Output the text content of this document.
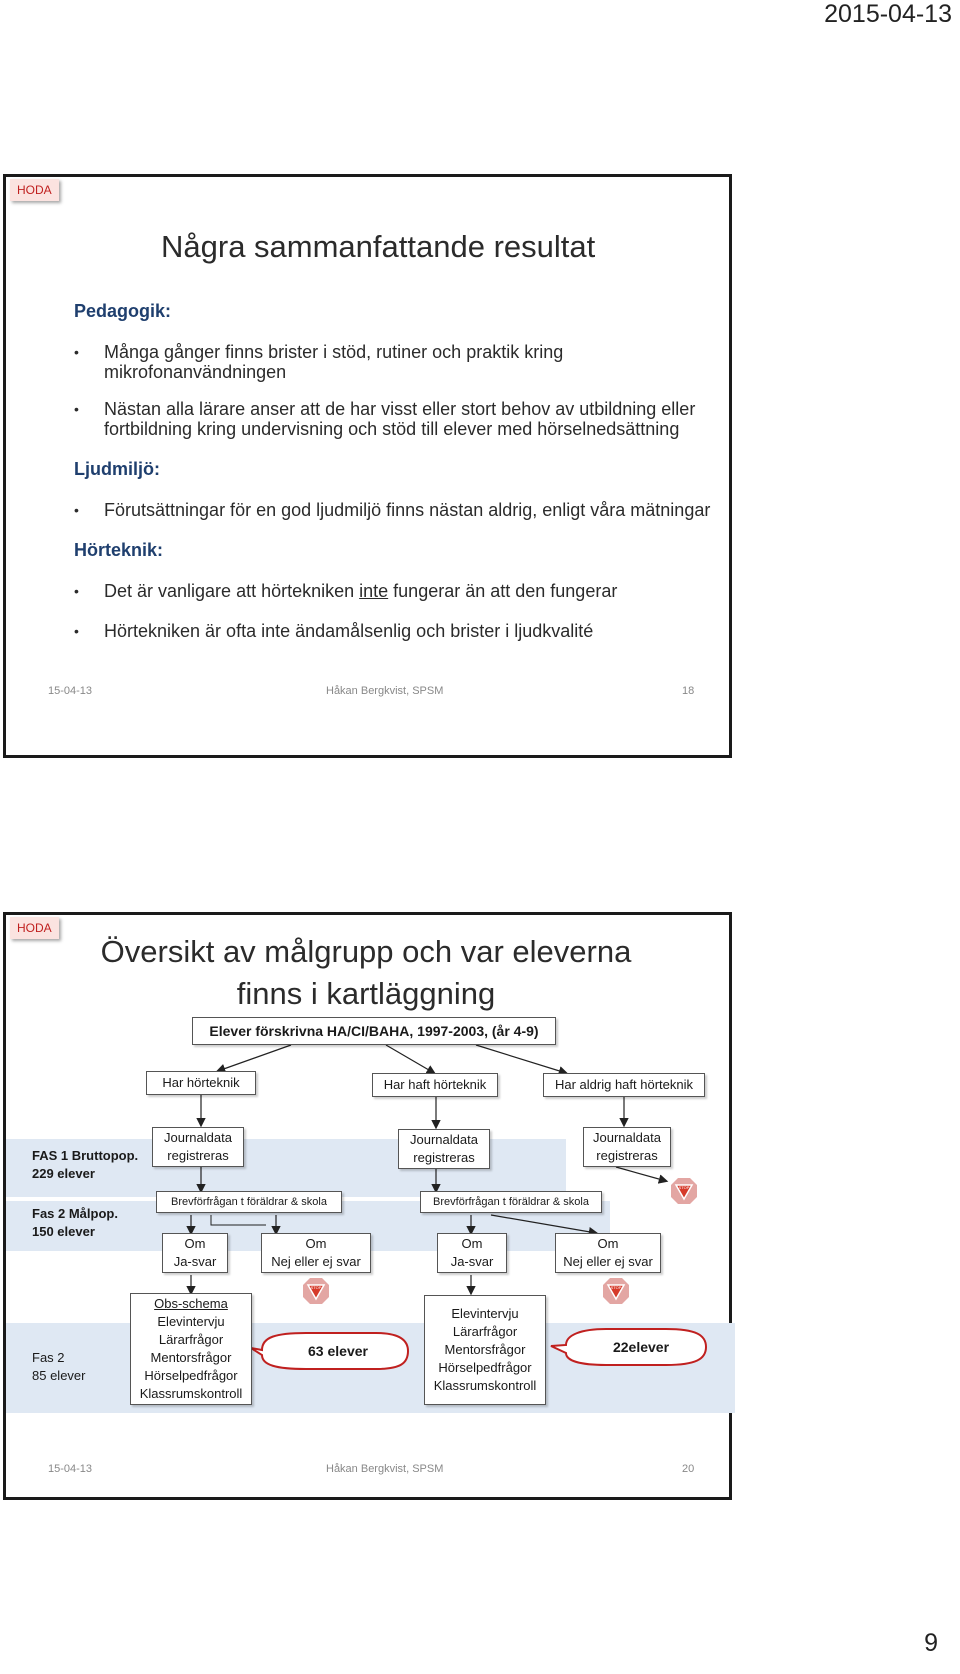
2015-04-13
HODA
Några sammanfattande resultat
Pedagogik:
• Många gånger finns brister i stöd, rutiner och praktik kring mikrofonanvändningen
• Nästan alla lärare anser att de har visst eller stort behov av utbildning eller fortbildning kring undervisning och stöd till elever med hörselnedsättning
Ljudmiljö:
• Förutsättningar för en god ljudmiljö finns nästan aldrig, enligt våra mätningar
Hörteknik:
• Det är vanligare att hörtekniken inte fungerar än att den fungerar
• Hörtekniken är ofta inte ändamålsenlig och brister i ljudkvalité
15-04-13	Håkan Bergkvist, SPSM	18
HODA
Översikt av målgrupp och var eleverna
finns i kartläggning
Elever förskrivna HA/CI/BAHA, 1997-2003, (år 4-9)
Har hörteknik	Har haft hörteknik	Har aldrig haft hörteknik
FAS 1 Bruttopop.
229 elever
Fas 2 Målpop.
150 elever
Fas 2
85 elever
Journaldata
registreras
Journaldata
registreras
Journaldata
registreras
Brevförfrågan t föräldrar & skola	Brevförfrågan t föräldrar & skola
Om
Ja-svar
Om
Nej eller ej svar
Om
Ja-svar
Om
Nej eller ej svar
Obs-schema
Elevintervju
Lärarfrågor
Mentorsfrågor
Hörselpedfrågor
Klassrumskontroll
Elevintervju
Lärarfrågor
Mentorsfrågor
Hörselpedfrågor
Klassrumskontroll
63 elever	22elever
STOP
STOP	STOP
15-04-13	Håkan Bergkvist, SPSM	20
9
